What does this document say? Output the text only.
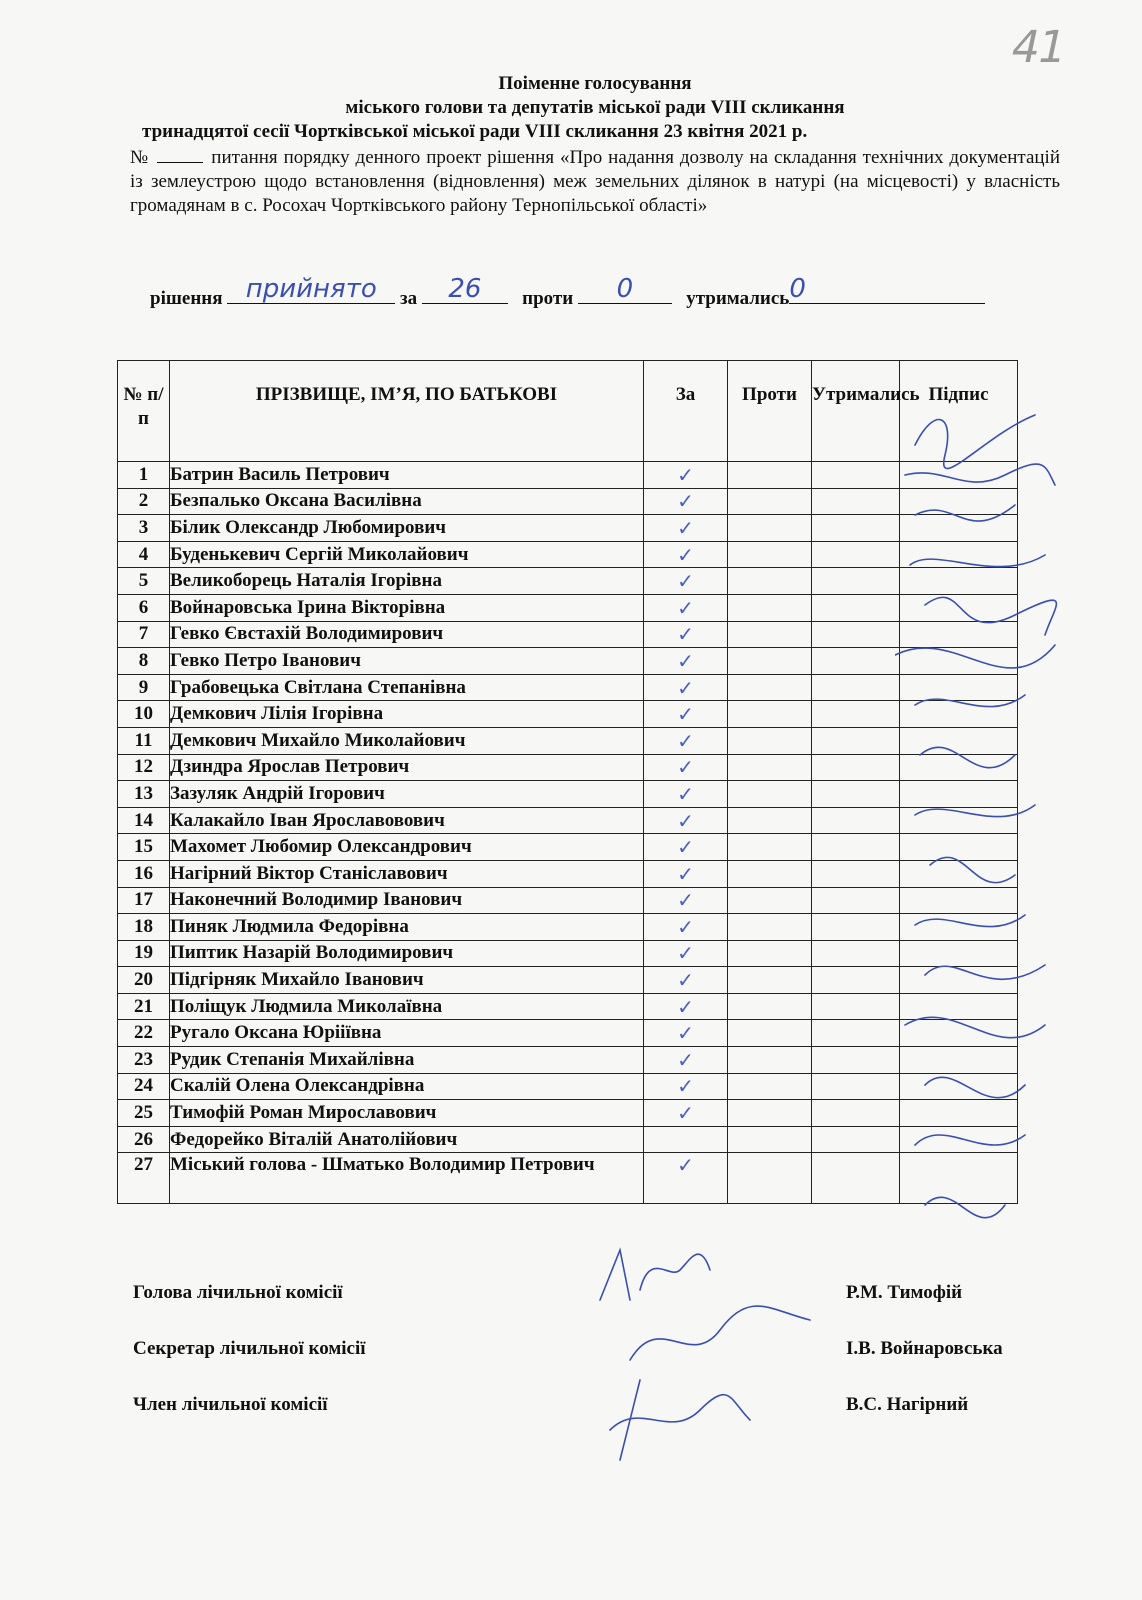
41
Поіменне голосування
міського голови та депутатів міської ради VIII скликання
тринадцятої сесії Чортківської міської ради VIII скликання 23 квітня 2021 р.
№	питання порядку денного проект рішення «Про надання дозволу на складання технічних документацій із землеустрою щодо встановлення (відновлення) меж земельних ділянок в натурі (на місцевості) у власність громадянам в с. Росохач Чортківського району Тернопільської області»
рішення прийнято	за	26	проти	0	утримались 0
№ п/п	ПРІЗВИЩЕ, ІМ’Я, ПО БАТЬКОВІ	За	Проти	Утримались	Підпис
1	Батрин Василь Петрович	✓			
2	Безпалько Оксана Василівна	✓			
3	Білик Олександр Любомирович	✓			
4	Буденькевич Сергій Миколайович	✓			
5	Великоборець Наталія Ігорівна	✓			
6	Войнаровська Ірина Вікторівна	✓			
7	Гевко Євстахій Володимирович	✓			
8	Гевко Петро Іванович	✓			
9	Грабовецька Світлана Степанівна	✓			
10	Демкович Лілія Ігорівна	✓			
11	Демкович Михайло Миколайович	✓			
12	Дзиндра Ярослав Петрович	✓			
13	Зазуляк Андрій Ігорович	✓			
14	Калакайло Іван Ярославовович	✓			
15	Махомет Любомир Олександрович	✓			
16	Нагірний Віктор Станіславович	✓			
17	Наконечний Володимир Іванович	✓			
18	Пиняк Людмила Федорівна	✓			
19	Пиптик Назарій Володимирович	✓			
20	Підгірняк Михайло Іванович	✓			
21	Поліщук Людмила Миколаївна	✓			
22	Ругало Оксана Юрііївна	✓			
23	Рудик Степанія Михайлівна	✓			
24	Скалій Олена Олександрівна	✓			
25	Тимофій Роман Мирославович	✓			
26	Федорейко Віталій Анатолійович				
27	Міський голова - Шматько Володимир Петрович	✓			
Голова лічильної комісії	Р.М. Тимофій
Секретар лічильної комісії	І.В. Войнаровська
Член лічильної комісії	В.С. Нагірний
